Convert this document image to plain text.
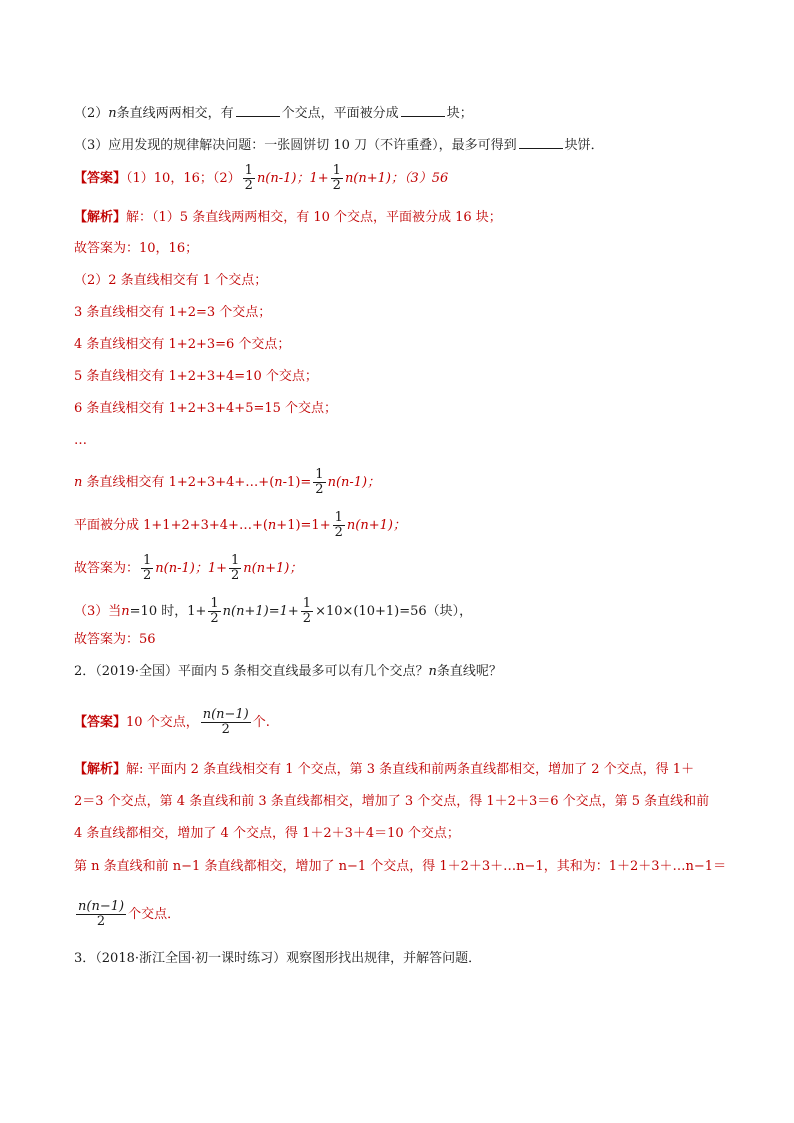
（2）n条直线两两相交，有	个交点，平面被分成	块；
（3）应用发现的规律解决问题：一张圆饼切 10 刀（不许重叠），最多可得到	块饼．
【答案】（1）10，16；$(2) \frac{1}{2} n(n-1)$；$1+ \frac{1}{2} n(n+1)$；（3）56
【解析】解：（1）5 条直线两两相交，有 10 个交点，平面被分成 16 块；
故答案为：10，16；
（2）2 条直线相交有 1 个交点；
3 条直线相交有 1+2=3 个交点；
4 条直线相交有 1+2+3=6 个交点；
5 条直线相交有 1+2+3+4=10 个交点；
6 条直线相交有 1+2+3+4+5=15 个交点；
…
n 条直线相交有 1+2+3+4+…+(n-1)= $\frac{1}{2} n(n-1)$；
平面被分成 1+1+2+3+4+…+(n+1)=1+ $\frac{1}{2} n(n+1)$；
故答案为： $\frac{1}{2} n(n-1)$；$1+ \frac{1}{2} n(n+1)$；
（3）当n=10 时，$1+ \frac{1}{2} n(n+1)=1+ \frac{1}{2} \times 10\times(10+1)=56$（块），
故答案为：56
2．（2019·全国）平面内 5 条相交直线最多可以有几个交点？n条直线呢？
【答案】10 个交点， $\frac{n(n-1)}{2}$ 个.
【解析】解: 平面内 2 条直线相交有 1 个交点，第 3 条直线和前两条直线都相交，增加了 2 个交点，得 1＋
2＝3 个交点，第 4 条直线和前 3 条直线都相交，增加了 3 个交点，得 1＋2＋3＝6 个交点，第 5 条直线和前
4 条直线都相交，增加了 4 个交点，得 1＋2＋3＋4＝10 个交点；
第 n 条直线和前 n−1 条直线都相交，增加了 n−1 个交点，得 1＋2＋3＋…n−1，其和为：1＋2＋3＋…n−1＝
$\frac{n(n-1)}{2}$ 个交点．
3．（2018·浙江全国·初一课时练习）观察图形找出规律，并解答问题．
